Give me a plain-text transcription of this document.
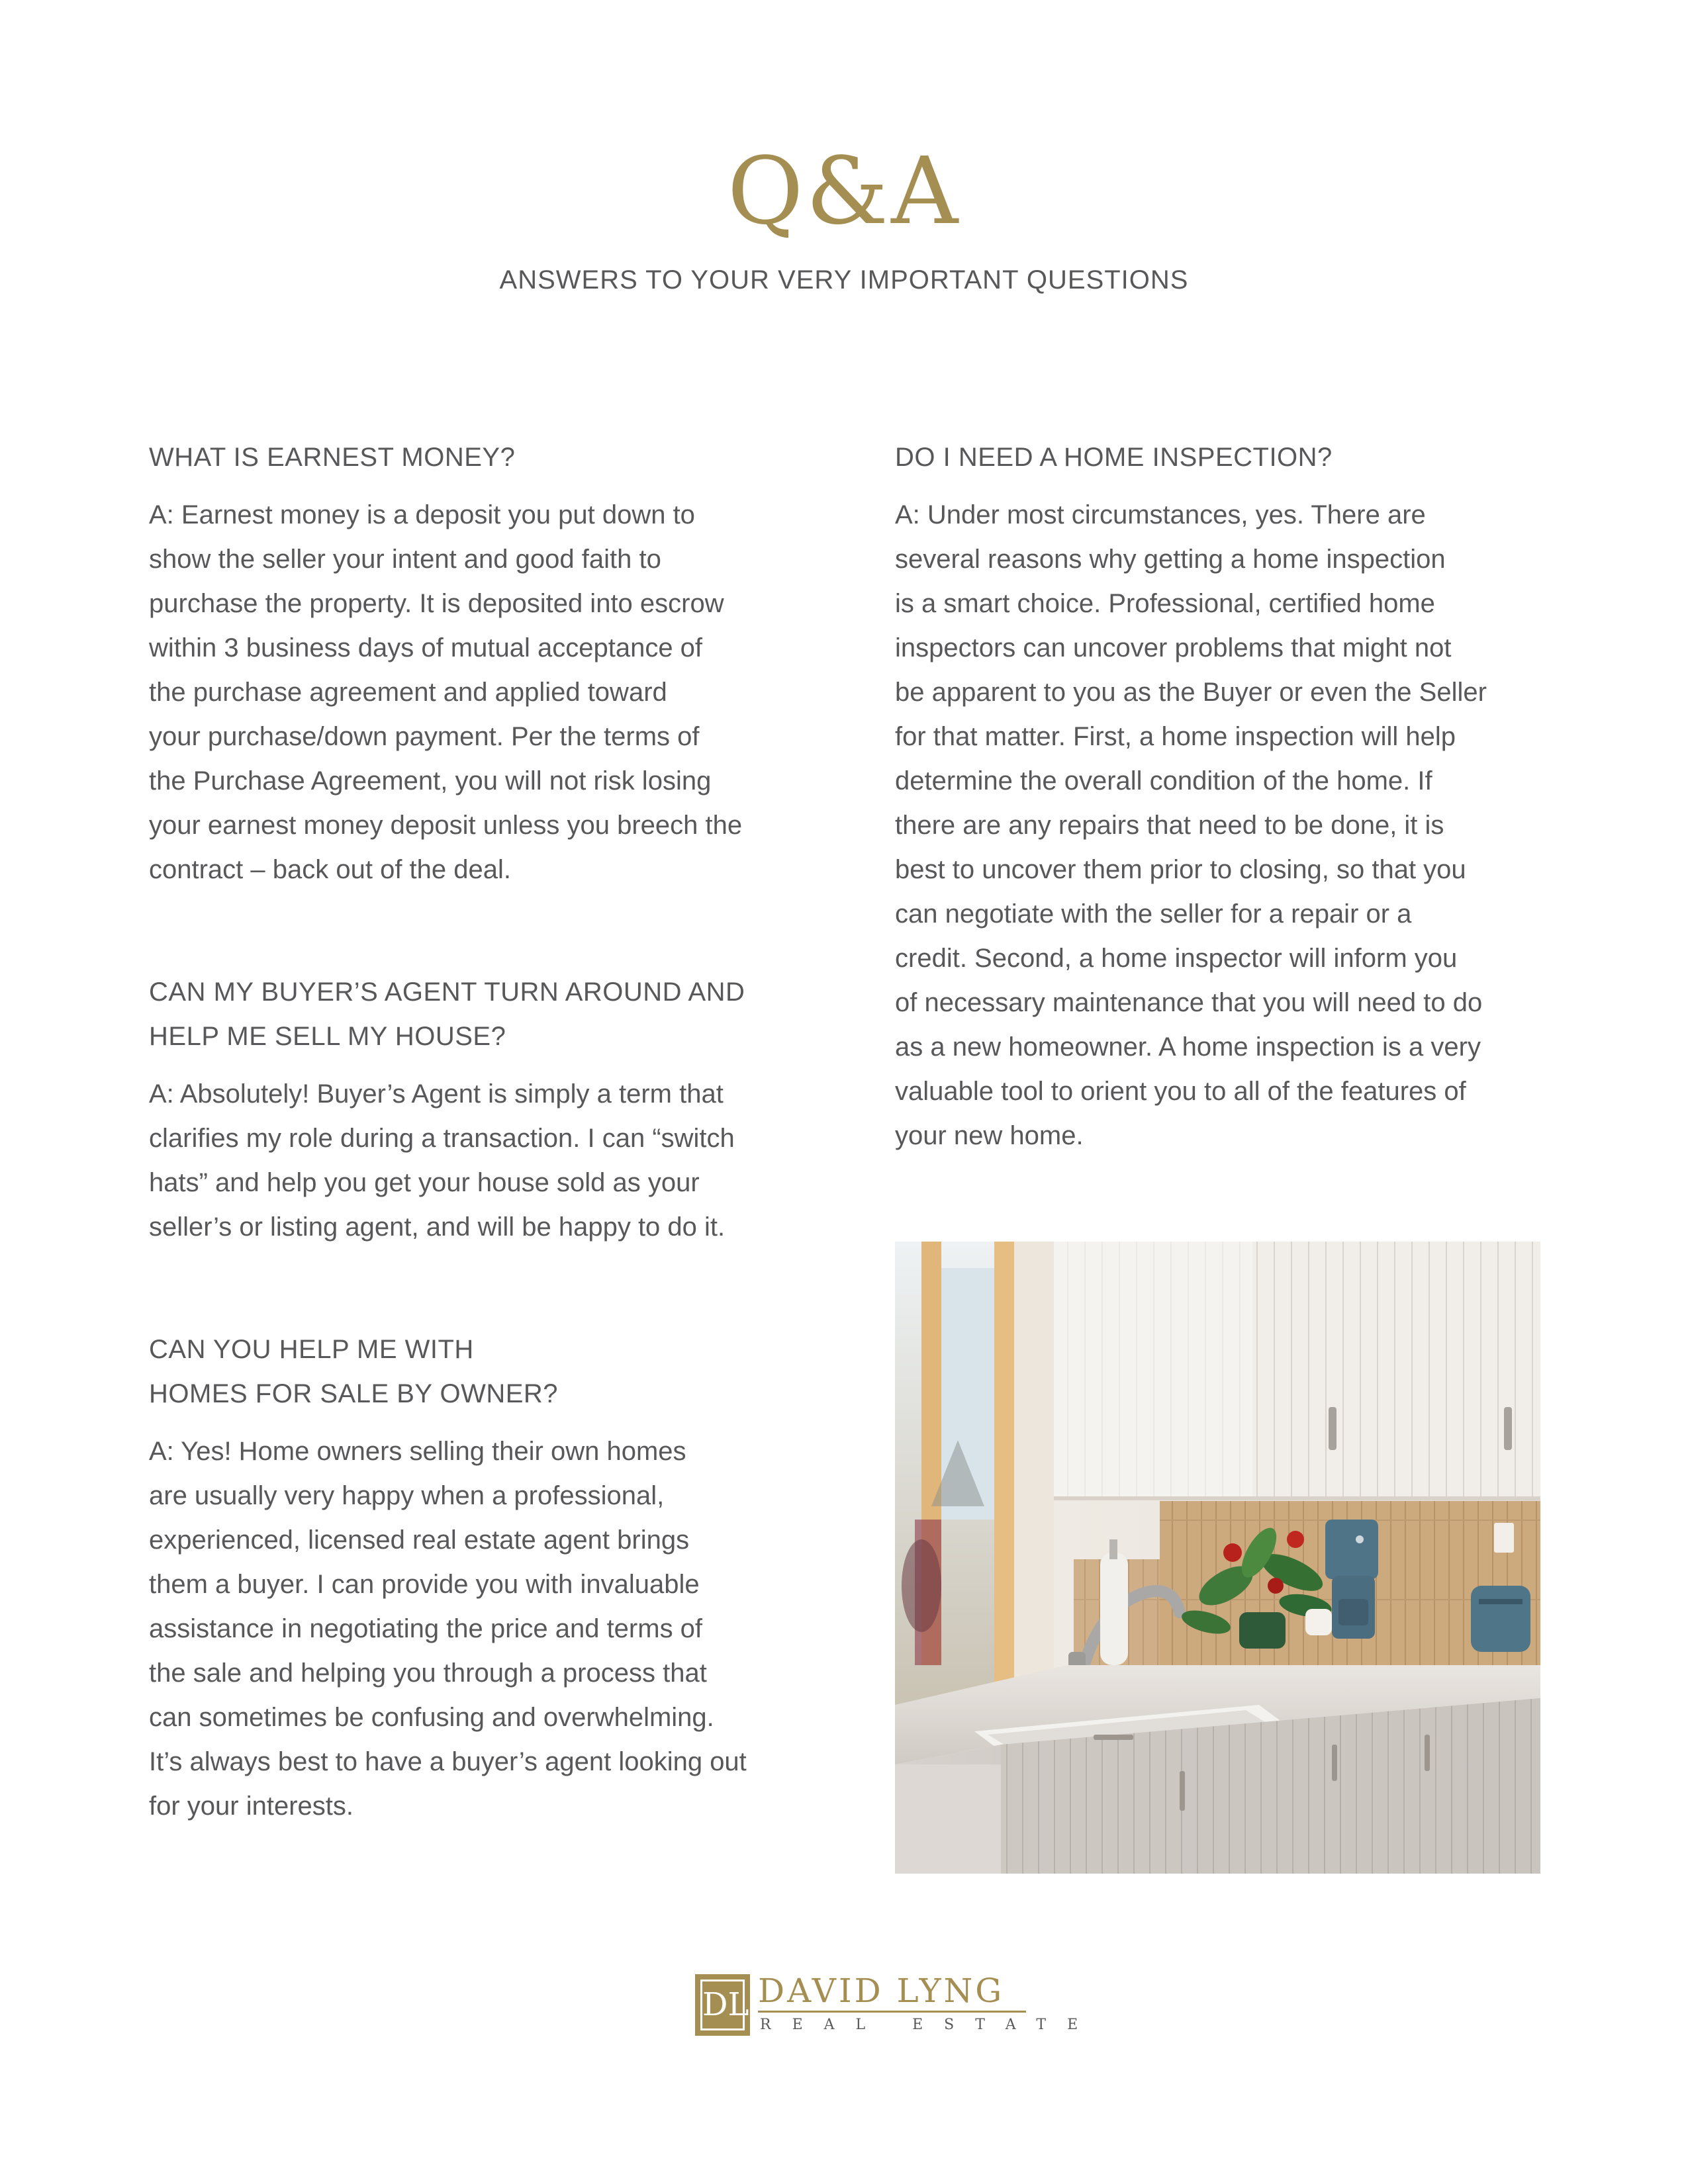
Q&A
ANSWERS TO YOUR VERY IMPORTANT QUESTIONS

WHAT IS EARNEST MONEY?

A: Earnest money is a deposit you put down to
show the seller your intent and good faith to
purchase the property. It is deposited into escrow
within 3 business days of mutual acceptance of
the purchase agreement and applied toward
your purchase/down payment. Per the terms of
the Purchase Agreement, you will not risk losing
your earnest money deposit unless you breech the
contract – back out of the deal.

CAN MY BUYER’S AGENT TURN AROUND AND
HELP ME SELL MY HOUSE?

A: Absolutely! Buyer’s Agent is simply a term that
clarifies my role during a transaction. I can “switch
hats” and help you get your house sold as your
seller’s or listing agent, and will be happy to do it.

CAN YOU HELP ME WITH
HOMES FOR SALE BY OWNER?

A: Yes! Home owners selling their own homes
are usually very happy when a professional,
experienced, licensed real estate agent brings
them a buyer. I can provide you with invaluable
assistance in negotiating the price and terms of
the sale and helping you through a process that
can sometimes be confusing and overwhelming.
It’s always best to have a buyer’s agent looking out
for your interests.

DO I NEED A HOME INSPECTION?

A: Under most circumstances, yes. There are
several reasons why getting a home inspection
is a smart choice. Professional, certified home
inspectors can uncover problems that might not
be apparent to you as the Buyer or even the Seller
for that matter. First, a home inspection will help
determine the overall condition of the home. If
there are any repairs that need to be done, it is
best to uncover them prior to closing, so that you
can negotiate with the seller for a repair or a
credit. Second, a home inspector will inform you
of necessary maintenance that you will need to do
as a new homeowner. A home inspection is a very
valuable tool to orient you to all of the features of
your new home.

DL DAVID LYNG
REAL ESTATE
